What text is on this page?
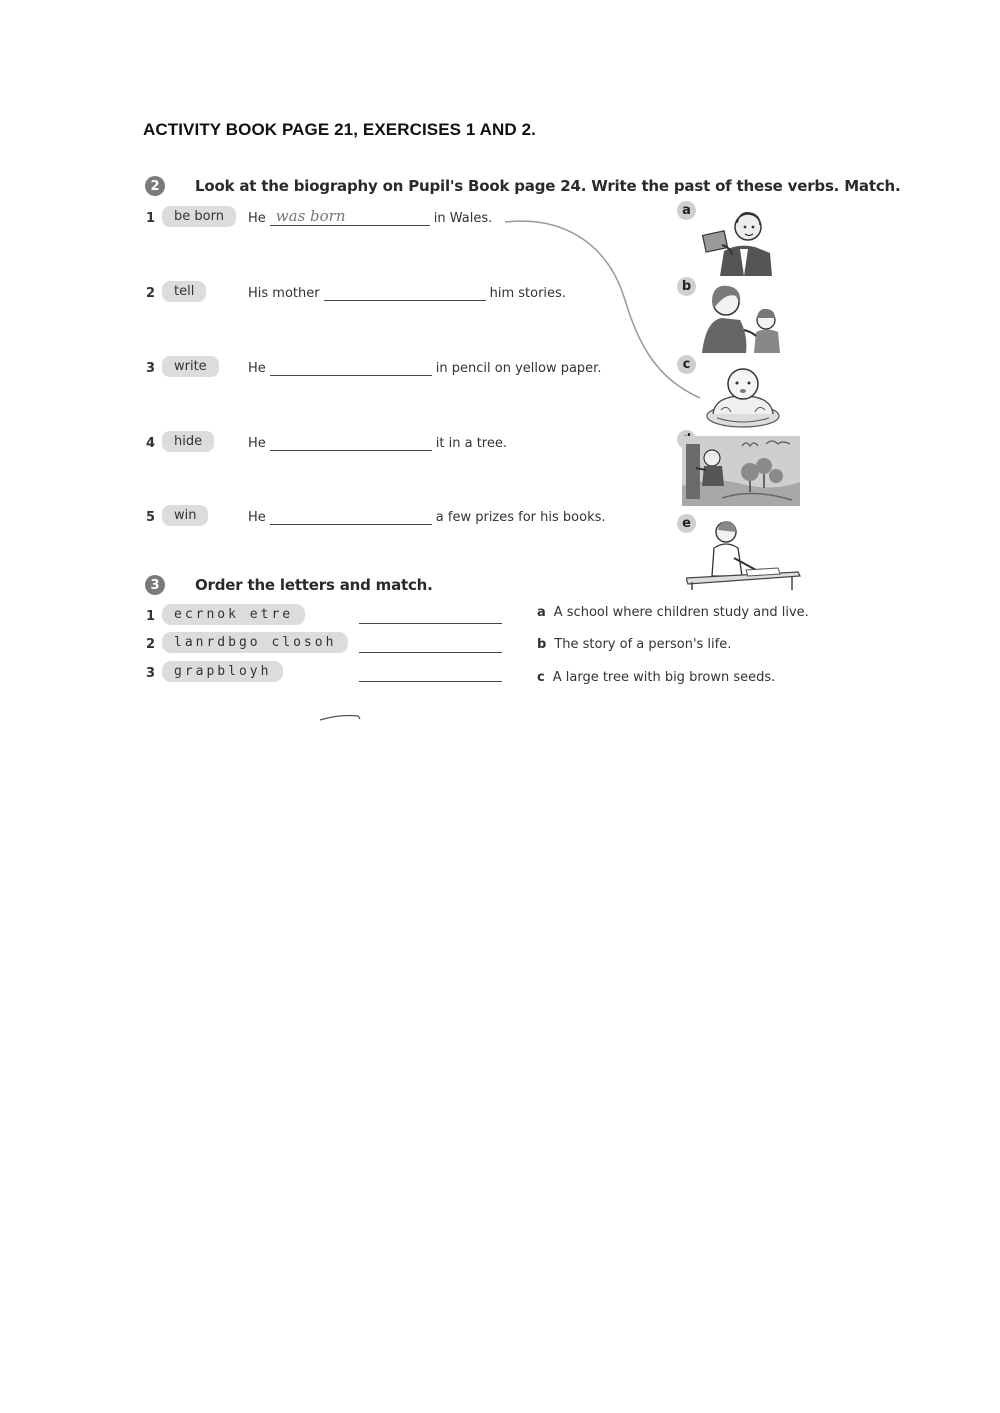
ACTIVITY BOOK PAGE 21, EXERCISES 1 AND 2.
2	Look at the biography on Pupil's Book page 24. Write the past of these verbs. Match.
1	be born	He was born	in Wales.
2	tell	His mother	him stories.
3	write	He	in pencil on yellow paper.
4	hide	He	it in a tree.
5	win	He	a few prizes for his books.
a
b
c
e
3	Order the letters and match.
1	ecrnok etre
2	lanrdbgo closoh
3	grapbloyh
a A school where children study and live.
b The story of a person's life.
c A large tree with big brown seeds.
